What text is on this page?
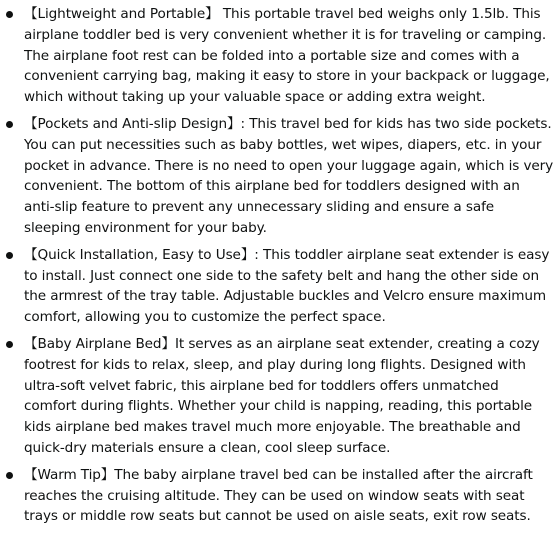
【Lightweight and Portable】 This portable travel bed weighs only 1.5lb. This airplane toddler bed is very convenient whether it is for traveling or camping. The airplane foot rest can be folded into a portable size and comes with a convenient carrying bag, making it easy to store in your backpack or luggage, which without taking up your valuable space or adding extra weight.
【Pockets and Anti-slip Design】: This travel bed for kids has two side pockets. You can put necessities such as baby bottles, wet wipes, diapers, etc. in your pocket in advance. There is no need to open your luggage again, which is very convenient. The bottom of this airplane bed for toddlers designed with an anti-slip feature to prevent any unnecessary sliding and ensure a safe sleeping environment for your baby.
【Quick Installation, Easy to Use】: This toddler airplane seat extender is easy to install. Just connect one side to the safety belt and hang the other side on the armrest of the tray table. Adjustable buckles and Velcro ensure maximum comfort, allowing you to customize the perfect space.
【Baby Airplane Bed】It serves as an airplane seat extender, creating a cozy footrest for kids to relax, sleep, and play during long flights. Designed with ultra-soft velvet fabric, this airplane bed for toddlers offers unmatched comfort during flights. Whether your child is napping, reading, this portable kids airplane bed makes travel much more enjoyable. The breathable and quick-dry materials ensure a clean, cool sleep surface.
【Warm Tip】The baby airplane travel bed can be installed after the aircraft reaches the cruising altitude. They can be used on window seats with seat trays or middle row seats but cannot be used on aisle seats, exit row seats.
